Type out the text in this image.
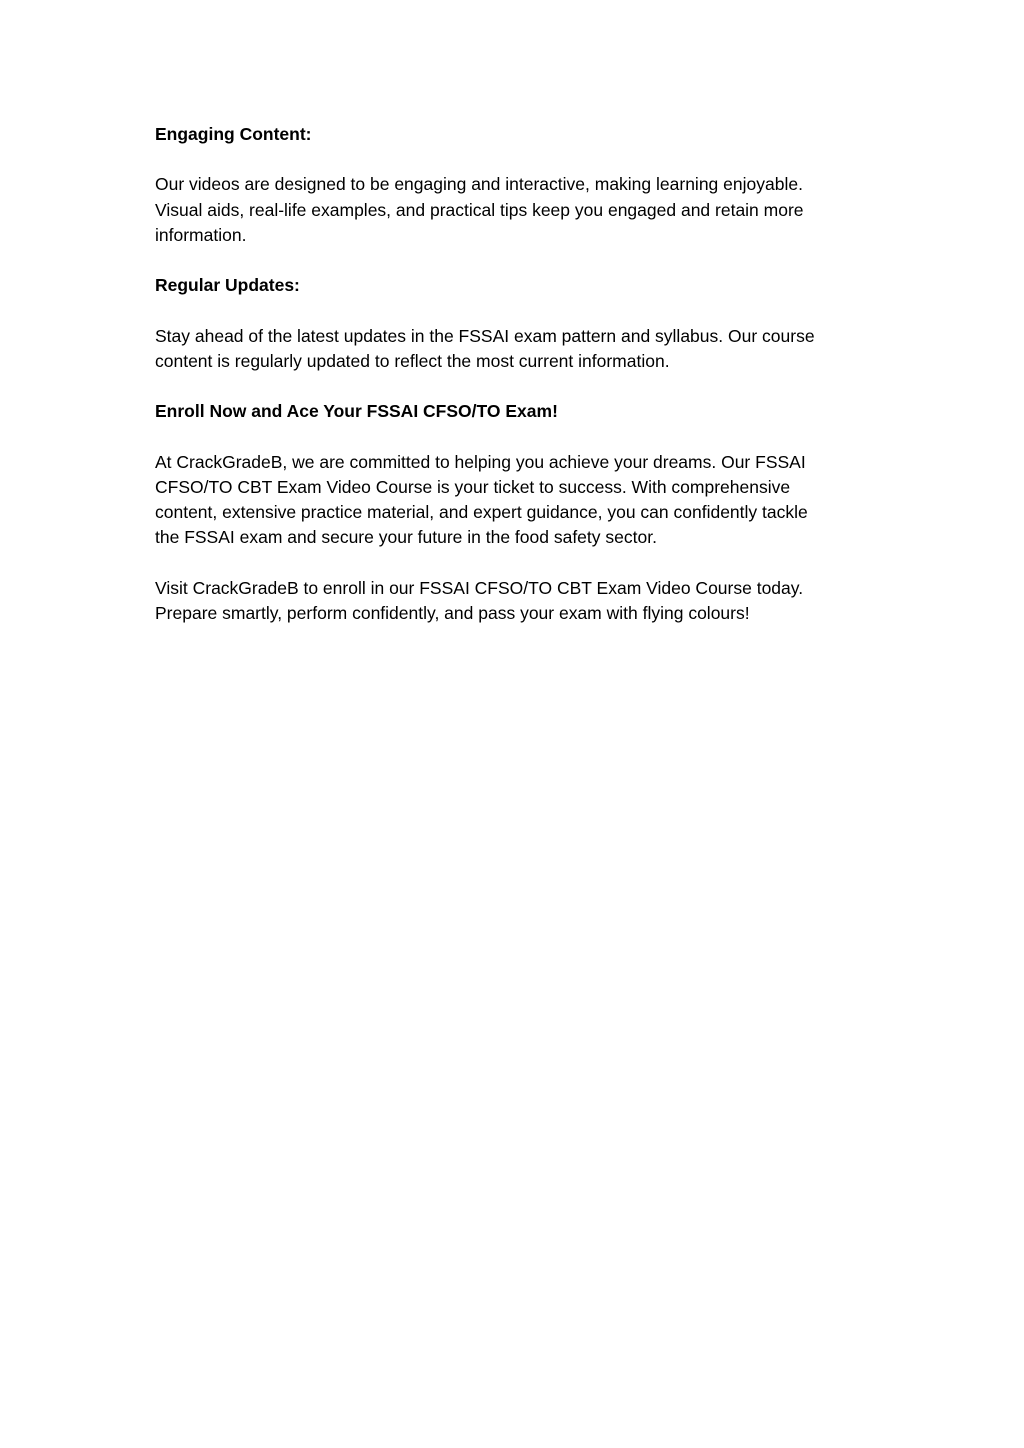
Engaging Content:
Our videos are designed to be engaging and interactive, making learning enjoyable.
Visual aids, real-life examples, and practical tips keep you engaged and retain more
information.
Regular Updates:
Stay ahead of the latest updates in the FSSAI exam pattern and syllabus. Our course
content is regularly updated to reflect the most current information.
Enroll Now and Ace Your FSSAI CFSO/TO Exam!
At CrackGradeB, we are committed to helping you achieve your dreams. Our FSSAI
CFSO/TO CBT Exam Video Course is your ticket to success. With comprehensive
content, extensive practice material, and expert guidance, you can confidently tackle
the FSSAI exam and secure your future in the food safety sector.
Visit CrackGradeB to enroll in our FSSAI CFSO/TO CBT Exam Video Course today.
Prepare smartly, perform confidently, and pass your exam with flying colours!
